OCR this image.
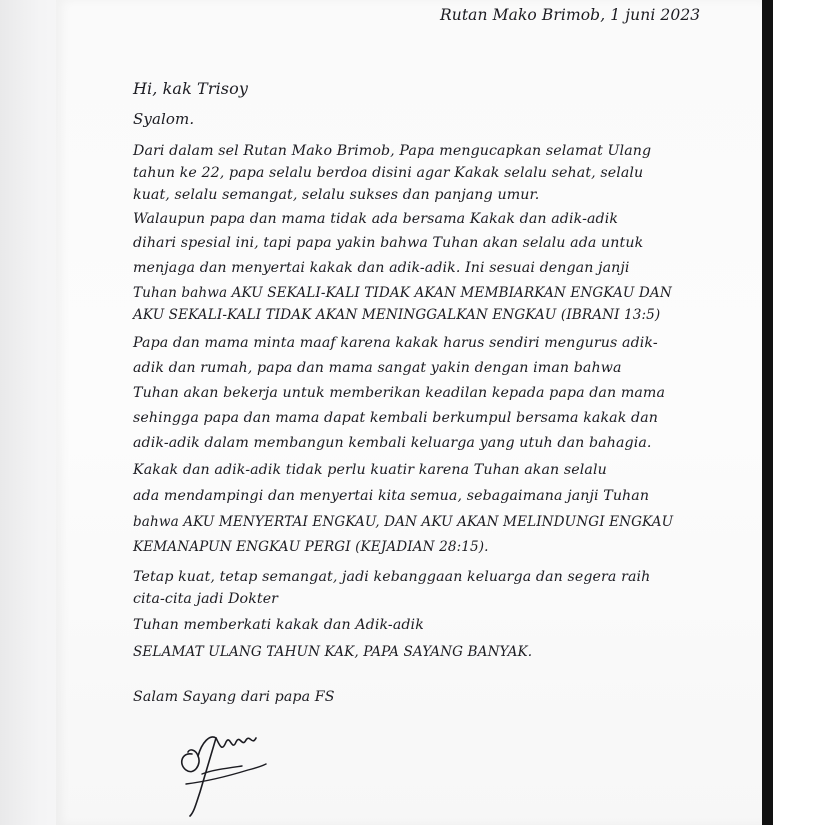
Rutan Mako Brimob, 1 juni 2023
Hi, kak Trisoy
Syalom.
Dari dalam sel Rutan Mako Brimob, Papa mengucapkan selamat Ulang
tahun ke 22, papa selalu berdoa disini agar Kakak selalu sehat, selalu
kuat, selalu semangat, selalu sukses dan panjang umur.
Walaupun papa dan mama tidak ada bersama Kakak dan adik-adik
dihari spesial ini, tapi papa yakin bahwa Tuhan akan selalu ada untuk
menjaga dan menyertai kakak dan adik-adik. Ini sesuai dengan janji
Tuhan bahwa AKU SEKALI-KALI TIDAK AKAN MEMBIARKAN ENGKAU DAN
AKU SEKALI-KALI TIDAK AKAN MENINGGALKAN ENGKAU (IBRANI 13:5)
Papa dan mama minta maaf karena kakak harus sendiri mengurus adik-
adik dan rumah, papa dan mama sangat yakin dengan iman bahwa
Tuhan akan bekerja untuk memberikan keadilan kepada papa dan mama
sehingga papa dan mama dapat kembali berkumpul bersama kakak dan
adik-adik dalam membangun kembali keluarga yang utuh dan bahagia.
Kakak dan adik-adik tidak perlu kuatir karena Tuhan akan selalu
ada mendampingi dan menyertai kita semua, sebagaimana janji Tuhan
bahwa AKU MENYERTAI ENGKAU, DAN AKU AKAN MELINDUNGI ENGKAU
KEMANAPUN ENGKAU PERGI (KEJADIAN 28:15).
Tetap kuat, tetap semangat, jadi kebanggaan keluarga dan segera raih
cita-cita jadi Dokter
Tuhan memberkati kakak dan Adik-adik
SELAMAT ULANG TAHUN KAK, PAPA SAYANG BANYAK.
Salam Sayang dari papa FS
